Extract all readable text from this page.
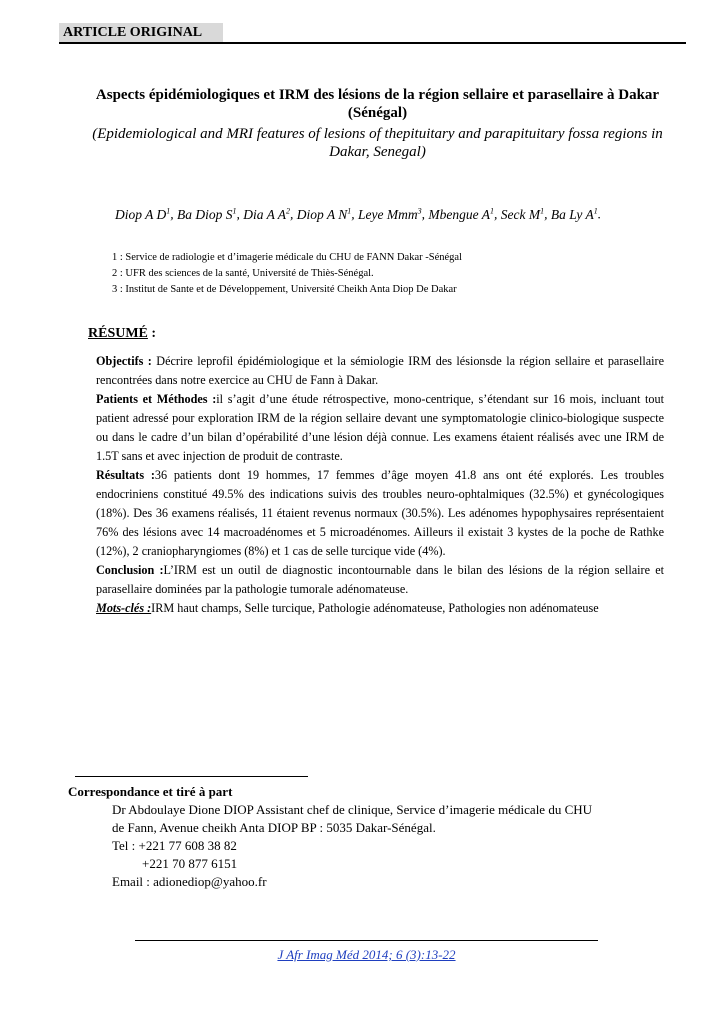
ARTICLE ORIGINAL
Aspects épidémiologiques et IRM des lésions de la région sellaire et parasellaire à Dakar (Sénégal)
(Epidemiological and MRI features of lesions of thepituitary and parapituitary fossa regions in Dakar, Senegal)
Diop A $D^1$, Ba Diop $S^1$, Dia A $A^2$, Diop A $N^1$, Leye Mmm$^3$, Mbengue $A^1$, Seck $M^1$, Ba Ly $A^1$.
1 : Service de radiologie et d’imagerie médicale du CHU de FANN Dakar -Sénégal
2 : UFR des sciences de la santé, Université de Thiès-Sénégal.
3 : Institut de Sante et de Développement, Université Cheikh Anta Diop De Dakar
RÉSUMÉ :

Objectifs : Décrire leprofil épidémiologique et la sémiologie IRM des lésionsde la région sellaire et parasellaire rencontrées dans notre exercice au CHU de Fann à Dakar.

Patients et Méthodes :il s’agit d’une étude rétrospective, mono-centrique, s’étendant sur 16 mois, incluant tout patient adressé pour exploration IRM de la région sellaire devant une symptomatologie clinico-biologique suspecte ou dans le cadre d’un bilan d’opérabilité d’une lésion déjà connue. Les examens étaient réalisés avec une IRM de 1.5T sans et avec injection de produit de contraste.

Résultats :36 patients dont 19 hommes, 17 femmes d’âge moyen 41.8 ans ont été explorés. Les troubles endocriniens constitué 49.5% des indications suivis des troubles neuro-ophtalmiques (32.5%) et gynécologiques (18%). Des 36 examens réalisés, 11 étaient revenus normaux (30.5%). Les adénomes hypophysaires représentaient 76% des lésions avec 14 macroadénomes et 5 microadénomes. Ailleurs il existait 3 kystes de la poche de Rathke (12%), 2 craniopharyngiomes (8%) et 1 cas de selle turcique vide (4%).

Conclusion :L’IRM est un outil de diagnostic incontournable dans le bilan des lésions de la région sellaire et parasellaire dominées par la pathologie tumorale adénomateuse.

Mots-clés :IRM haut champs, Selle turcique, Pathologie adénomateuse, Pathologies non adénomateuse

Correspondance et tiré à part
Dr Abdoulaye Dione DIOP Assistant chef de clinique, Service d’imagerie médicale du CHU
de Fann, Avenue cheikh Anta DIOP BP : 5035 Dakar-Sénégal.
Tel : +221 77 608 38 82
+221 70 877 6151
Email : adionediop@yahoo.fr
J Afr Imag Méd 2014; 6 (3):13-22
